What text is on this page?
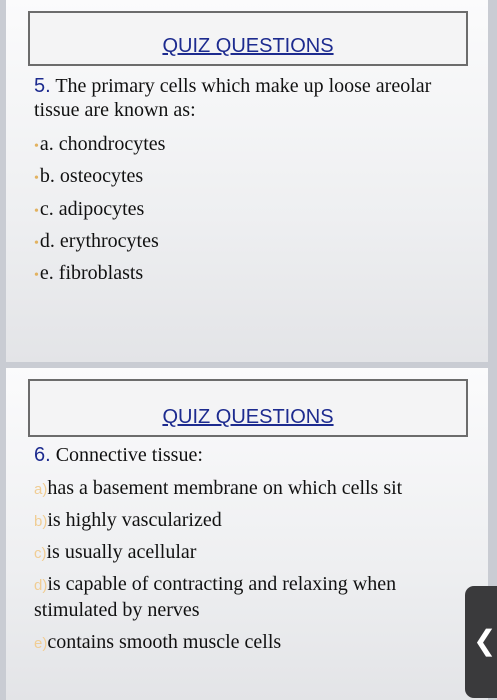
QUIZ QUESTIONS
5. The primary cells which make up loose areolar tissue are known as:
•a. chondrocytes
•b. osteocytes
•c. adipocytes
•d. erythrocytes
•e. fibroblasts
QUIZ QUESTIONS
6. Connective tissue:
a)has a basement membrane on which cells sit
b)is highly vascularized
c)is usually acellular
d)is capable of contracting and relaxing when stimulated by nerves
e)contains smooth muscle cells	❮
